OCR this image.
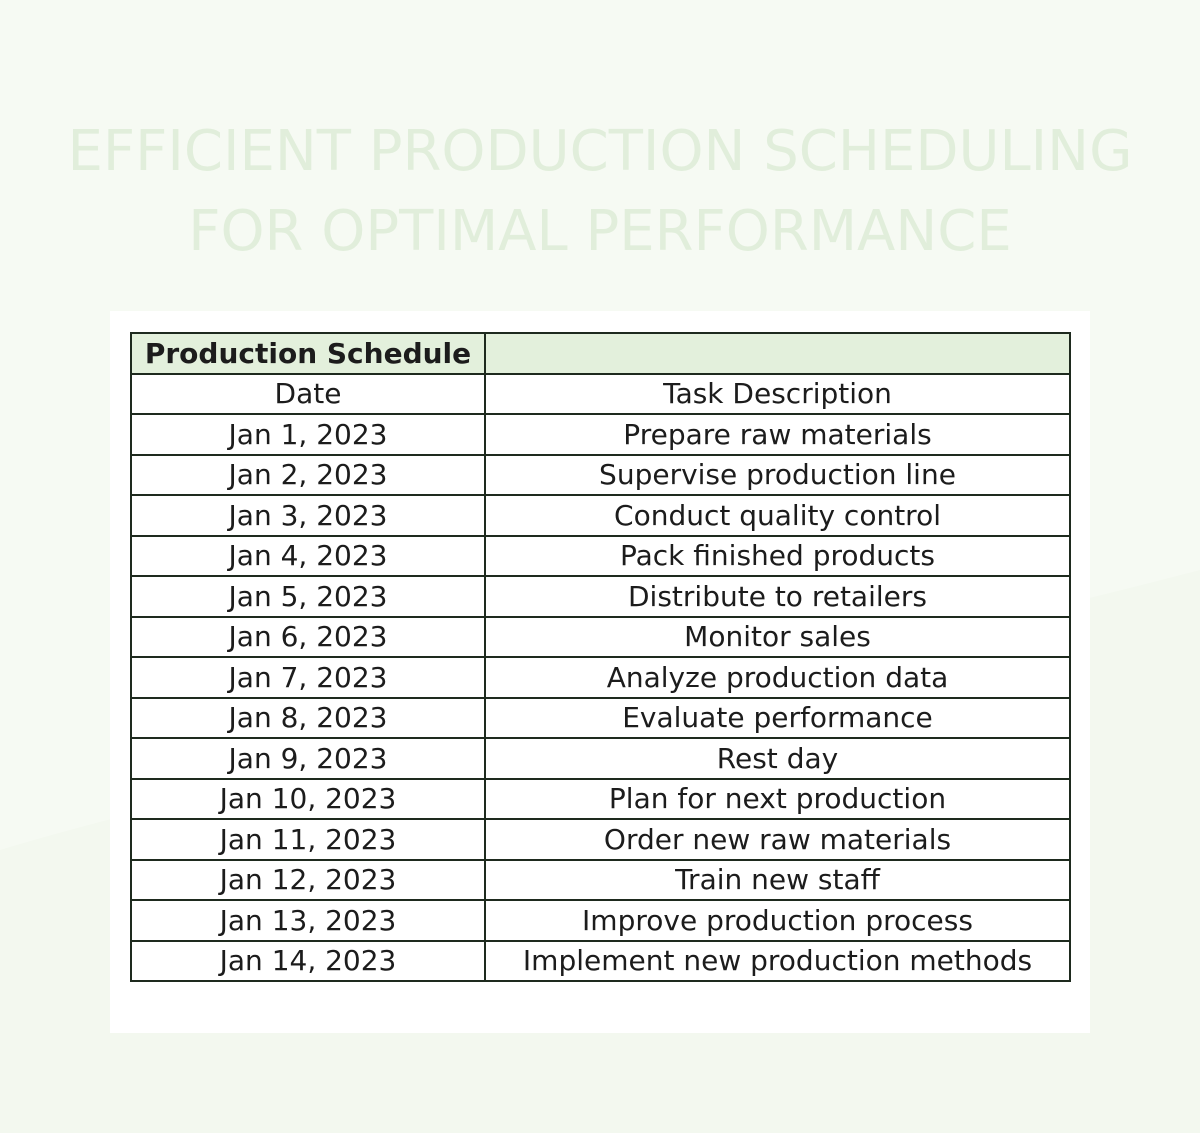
EFFICIENT PRODUCTION SCHEDULING
FOR OPTIMAL PERFORMANCE
Production Schedule	
Date	Task Description
Jan 1, 2023	Prepare raw materials
Jan 2, 2023	Supervise production line
Jan 3, 2023	Conduct quality control
Jan 4, 2023	Pack finished products
Jan 5, 2023	Distribute to retailers
Jan 6, 2023	Monitor sales
Jan 7, 2023	Analyze production data
Jan 8, 2023	Evaluate performance
Jan 9, 2023	Rest day
Jan 10, 2023	Plan for next production
Jan 11, 2023	Order new raw materials
Jan 12, 2023	Train new staff
Jan 13, 2023	Improve production process
Jan 14, 2023	Implement new production methods
